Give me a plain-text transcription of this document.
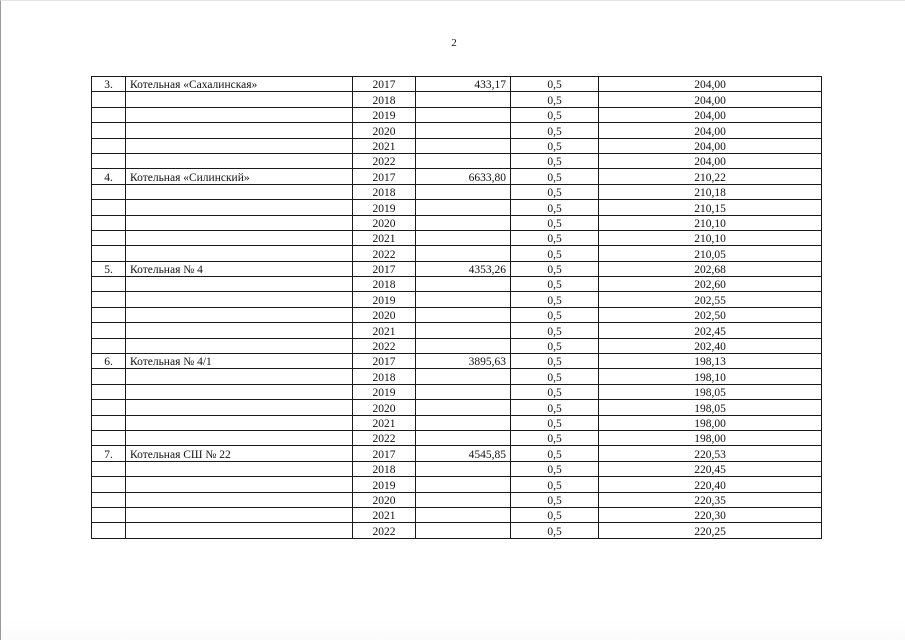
2
3.	Котельная «Сахалинская»	2017	433,17	0,5	204,00
		2018		0,5	204,00
		2019		0,5	204,00
		2020		0,5	204,00
		2021		0,5	204,00
		2022		0,5	204,00
4.	Котельная «Силинский»	2017	6633,80	0,5	210,22
		2018		0,5	210,18
		2019		0,5	210,15
		2020		0,5	210,10
		2021		0,5	210,10
		2022		0,5	210,05
5.	Котельная № 4	2017	4353,26	0,5	202,68
		2018		0,5	202,60
		2019		0,5	202,55
		2020		0,5	202,50
		2021		0,5	202,45
		2022		0,5	202,40
6.	Котельная № 4/1	2017	3895,63	0,5	198,13
		2018		0,5	198,10
		2019		0,5	198,05
		2020		0,5	198,05
		2021		0,5	198,00
		2022		0,5	198,00
7.	Котельная СШ № 22	2017	4545,85	0,5	220,53
		2018		0,5	220,45
		2019		0,5	220,40
		2020		0,5	220,35
		2021		0,5	220,30
		2022		0,5	220,25
